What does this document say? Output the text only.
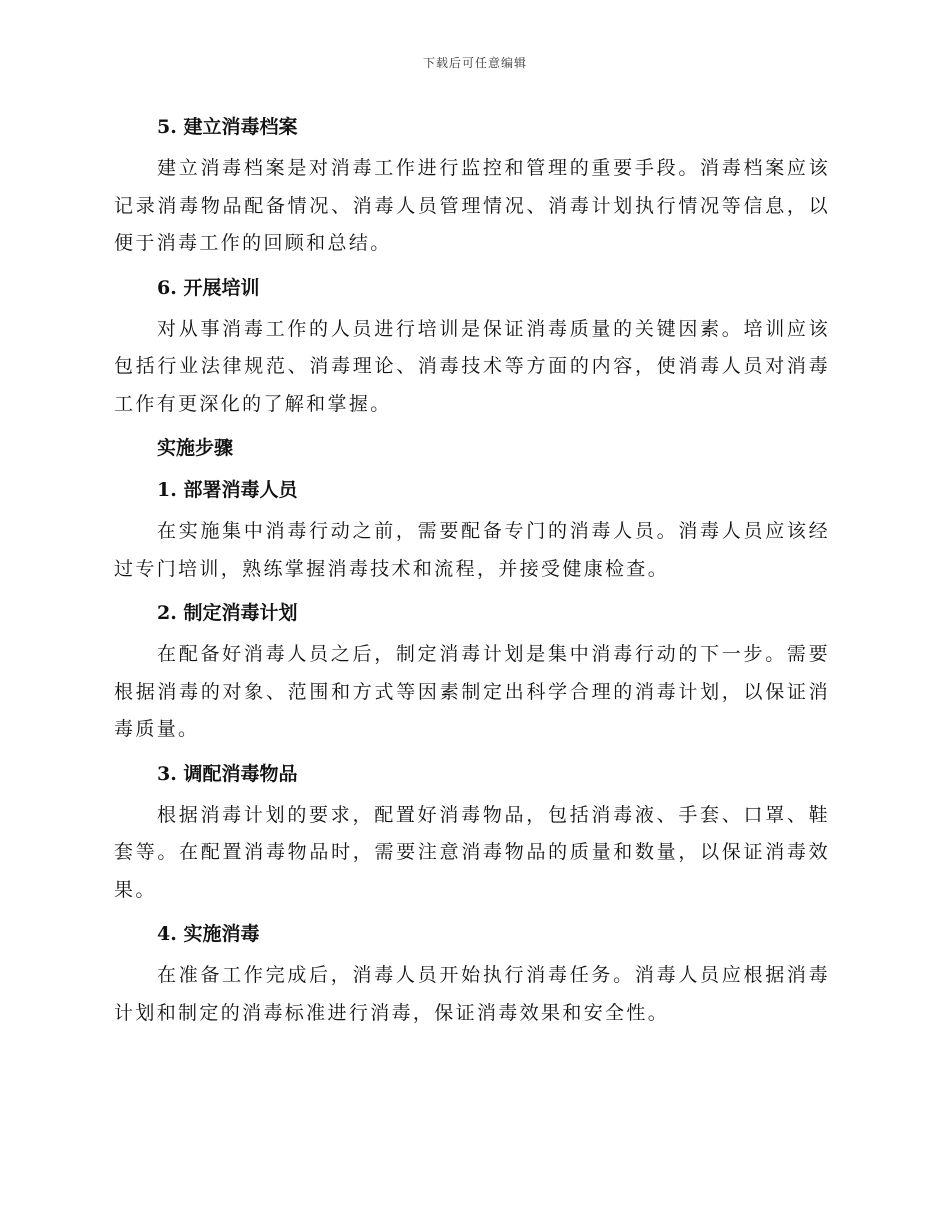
下载后可任意编辑
5. 建立消毒档案

建立消毒档案是对消毒工作进行监控和管理的重要手段。消毒档案应该记录消毒物品配备情况、消毒人员管理情况、消毒计划执行情况等信息，以便于消毒工作的回顾和总结。

6. 开展培训

对从事消毒工作的人员进行培训是保证消毒质量的关键因素。培训应该包括行业法律规范、消毒理论、消毒技术等方面的内容，使消毒人员对消毒工作有更深化的了解和掌握。

实施步骤
1. 部署消毒人员

在实施集中消毒行动之前，需要配备专门的消毒人员。消毒人员应该经过专门培训，熟练掌握消毒技术和流程，并接受健康检查。

2. 制定消毒计划

在配备好消毒人员之后，制定消毒计划是集中消毒行动的下一步。需要根据消毒的对象、范围和方式等因素制定出科学合理的消毒计划，以保证消毒质量。

3. 调配消毒物品

根据消毒计划的要求，配置好消毒物品，包括消毒液、手套、口罩、鞋套等。在配置消毒物品时，需要注意消毒物品的质量和数量，以保证消毒效果。

4. 实施消毒

在准备工作完成后，消毒人员开始执行消毒任务。消毒人员应根据消毒计划和制定的消毒标准进行消毒，保证消毒效果和安全性。
